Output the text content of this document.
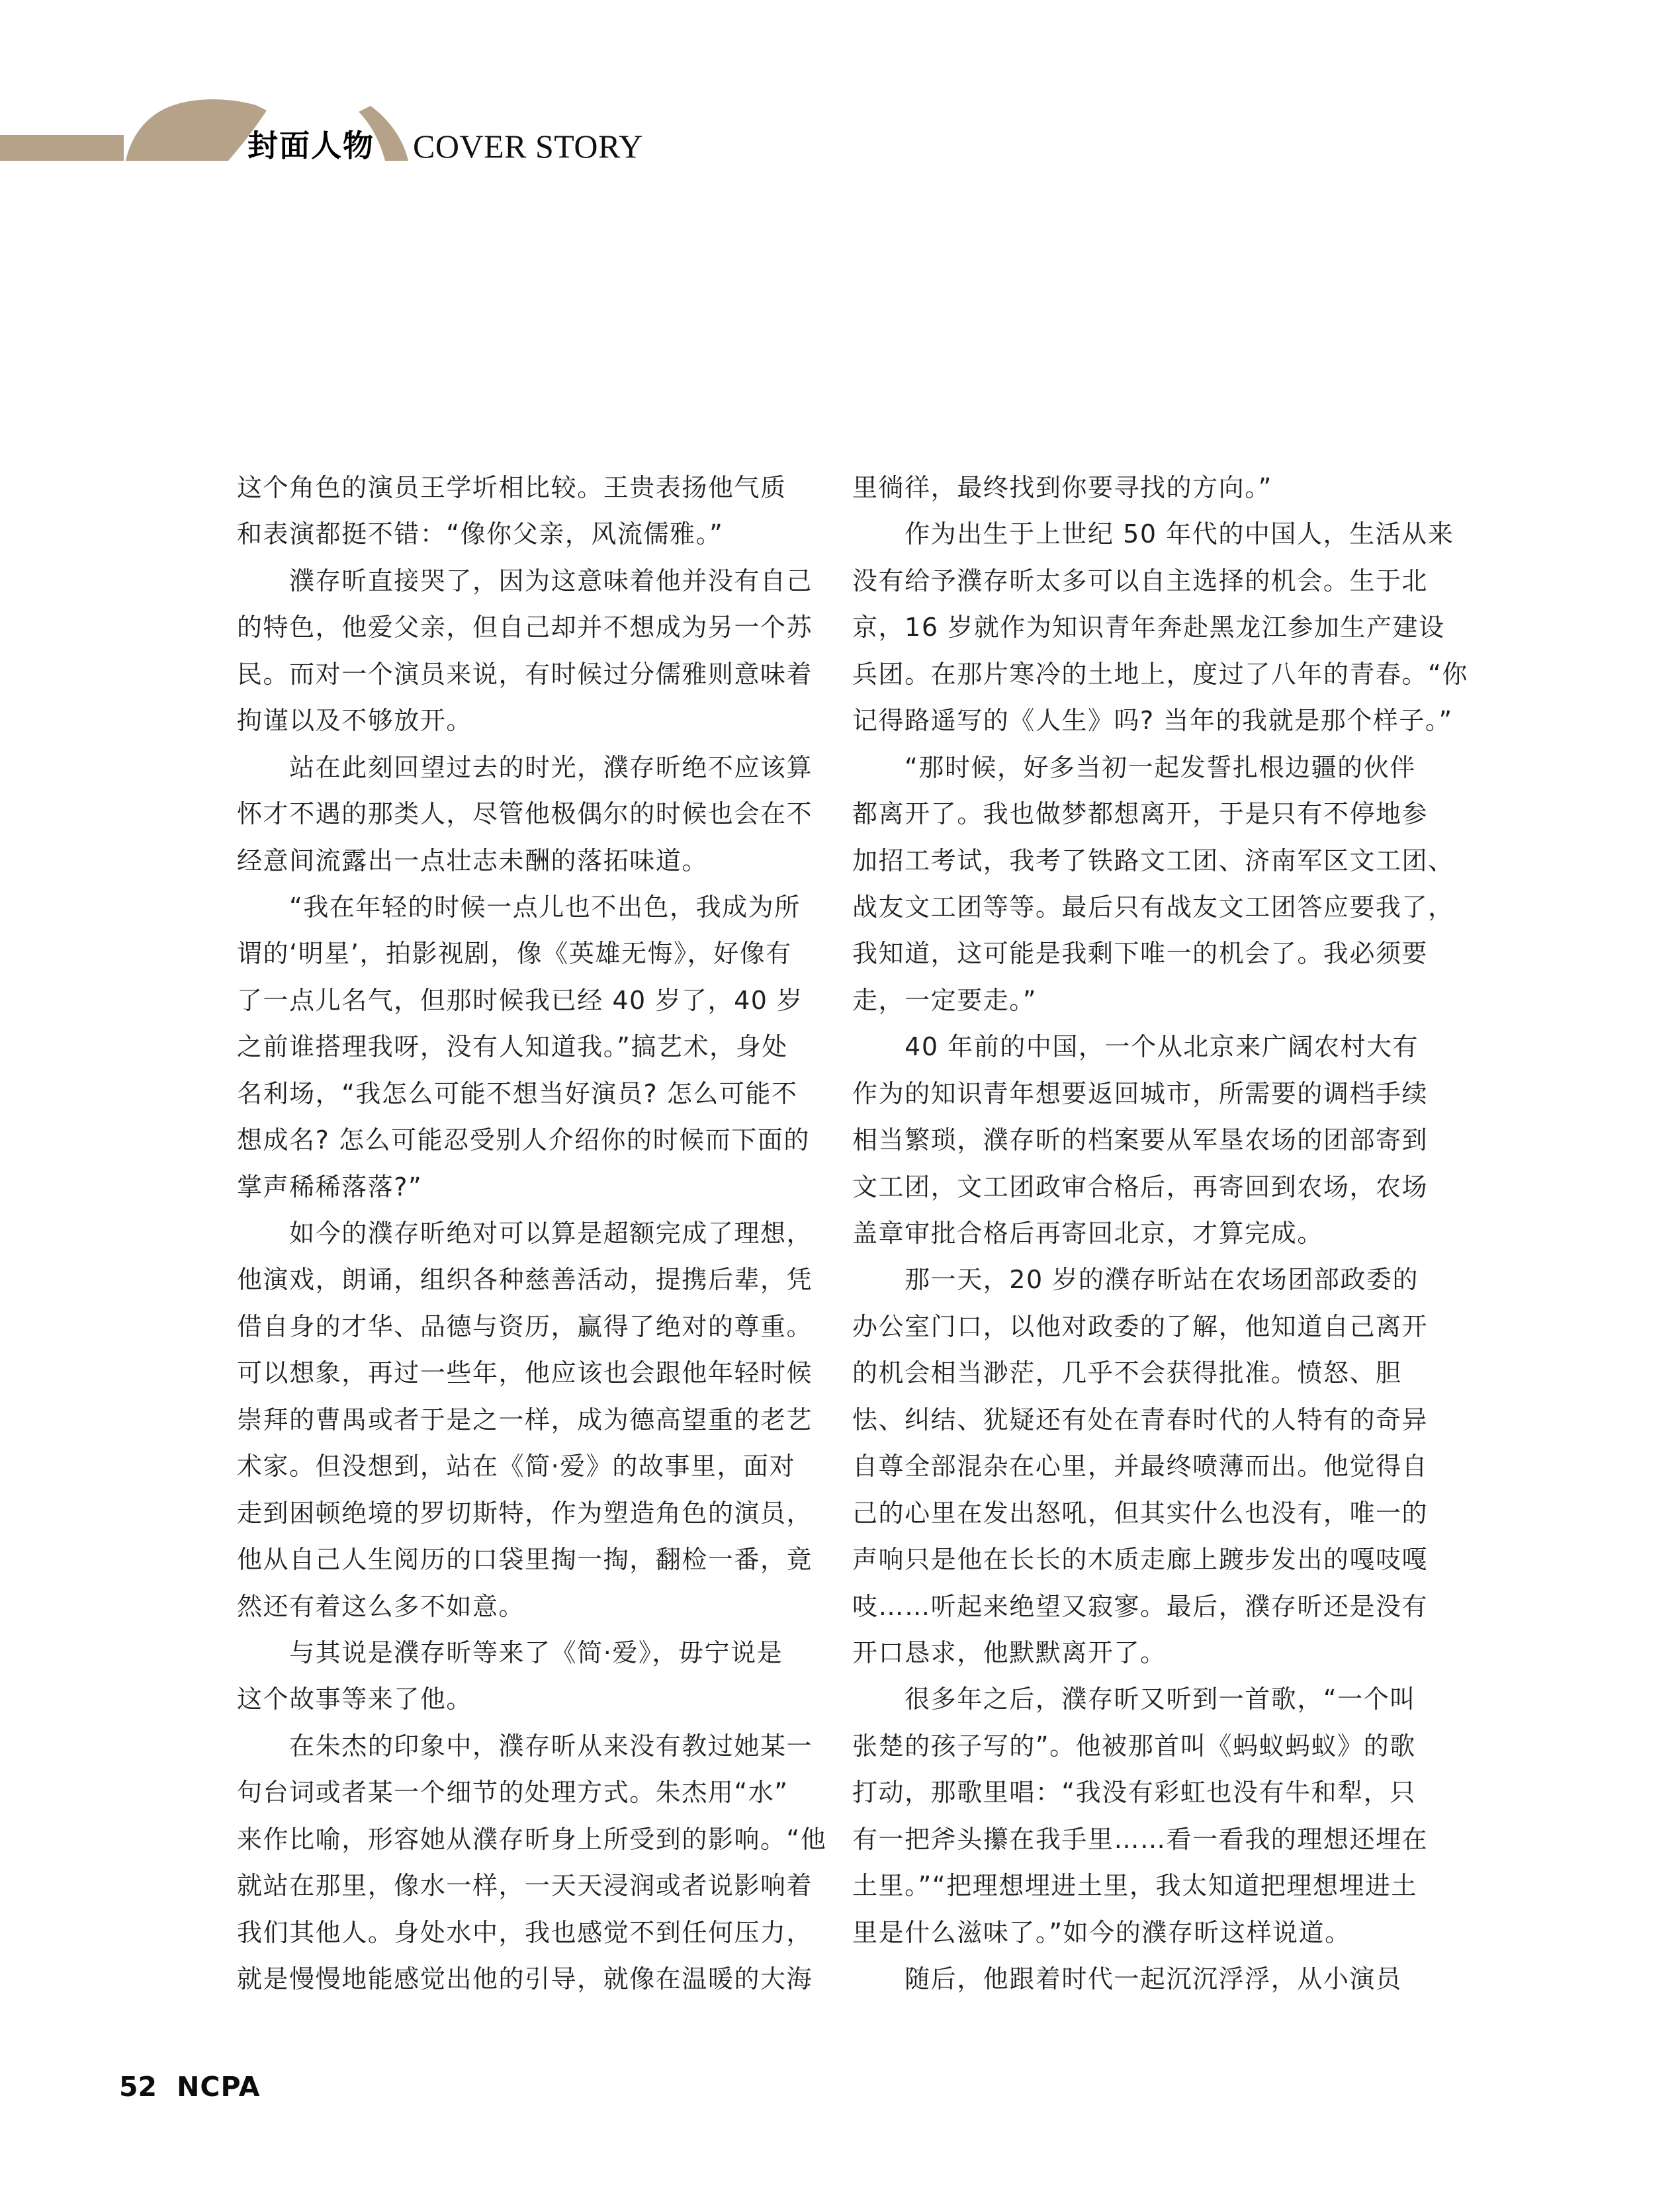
封面人物 COVER STORY
这个角色的演员王学圻相比较。王贵表扬他气质
和表演都挺不错：“像你父亲，风流儒雅。”
　　濮存昕直接哭了，因为这意味着他并没有自己
的特色，他爱父亲，但自己却并不想成为另一个苏
民。而对一个演员来说，有时候过分儒雅则意味着
拘谨以及不够放开。
　　站在此刻回望过去的时光，濮存昕绝不应该算
怀才不遇的那类人，尽管他极偶尔的时候也会在不
经意间流露出一点壮志未酬的落拓味道。
　　“我在年轻的时候一点儿也不出色，我成为所
谓的‘明星’，拍影视剧，像《英雄无悔》，好像有
了一点儿名气，但那时候我已经 40 岁了，40 岁
之前谁搭理我呀，没有人知道我。”搞艺术，身处
名利场，“我怎么可能不想当好演员? 怎么可能不
想成名? 怎么可能忍受别人介绍你的时候而下面的
掌声稀稀落落?”
　　如今的濮存昕绝对可以算是超额完成了理想，
他演戏，朗诵，组织各种慈善活动，提携后辈，凭
借自身的才华、品德与资历，赢得了绝对的尊重。
可以想象，再过一些年，他应该也会跟他年轻时候
崇拜的曹禺或者于是之一样，成为德高望重的老艺
术家。但没想到，站在《简·爱》的故事里，面对
走到困顿绝境的罗切斯特，作为塑造角色的演员，
他从自己人生阅历的口袋里掏一掏，翻检一番，竟
然还有着这么多不如意。
　　与其说是濮存昕等来了《简·爱》，毋宁说是
这个故事等来了他。
　　在朱杰的印象中，濮存昕从来没有教过她某一
句台词或者某一个细节的处理方式。朱杰用“水”
来作比喻，形容她从濮存昕身上所受到的影响。“他
就站在那里，像水一样，一天天浸润或者说影响着
我们其他人。身处水中，我也感觉不到任何压力，
就是慢慢地能感觉出他的引导，就像在温暖的大海
里徜徉，最终找到你要寻找的方向。”
　　作为出生于上世纪 50 年代的中国人，生活从来
没有给予濮存昕太多可以自主选择的机会。生于北
京，16 岁就作为知识青年奔赴黑龙江参加生产建设
兵团。在那片寒冷的土地上，度过了八年的青春。“你
记得路遥写的《人生》吗? 当年的我就是那个样子。”
　　“那时候，好多当初一起发誓扎根边疆的伙伴
都离开了。我也做梦都想离开，于是只有不停地参
加招工考试，我考了铁路文工团、济南军区文工团、
战友文工团等等。最后只有战友文工团答应要我了，
我知道，这可能是我剩下唯一的机会了。我必须要
走，一定要走。”
　　40 年前的中国，一个从北京来广阔农村大有
作为的知识青年想要返回城市，所需要的调档手续
相当繁琐，濮存昕的档案要从军垦农场的团部寄到
文工团，文工团政审合格后，再寄回到农场，农场
盖章审批合格后再寄回北京，才算完成。
　　那一天，20 岁的濮存昕站在农场团部政委的
办公室门口，以他对政委的了解，他知道自己离开
的机会相当渺茫，几乎不会获得批准。愤怒、胆
怯、纠结、犹疑还有处在青春时代的人特有的奇异
自尊全部混杂在心里，并最终喷薄而出。他觉得自
己的心里在发出怒吼，但其实什么也没有，唯一的
声响只是他在长长的木质走廊上踱步发出的嘎吱嘎
吱……听起来绝望又寂寥。最后，濮存昕还是没有
开口恳求，他默默离开了。
　　很多年之后，濮存昕又听到一首歌，“一个叫
张楚的孩子写的”。他被那首叫《蚂蚁蚂蚁》的歌
打动，那歌里唱：“我没有彩虹也没有牛和犁，只
有一把斧头攥在我手里……看一看我的理想还埋在
土里。”“把理想埋进土里，我太知道把理想埋进土
里是什么滋味了。”如今的濮存昕这样说道。
　　随后，他跟着时代一起沉沉浮浮，从小演员
52 NCPA
